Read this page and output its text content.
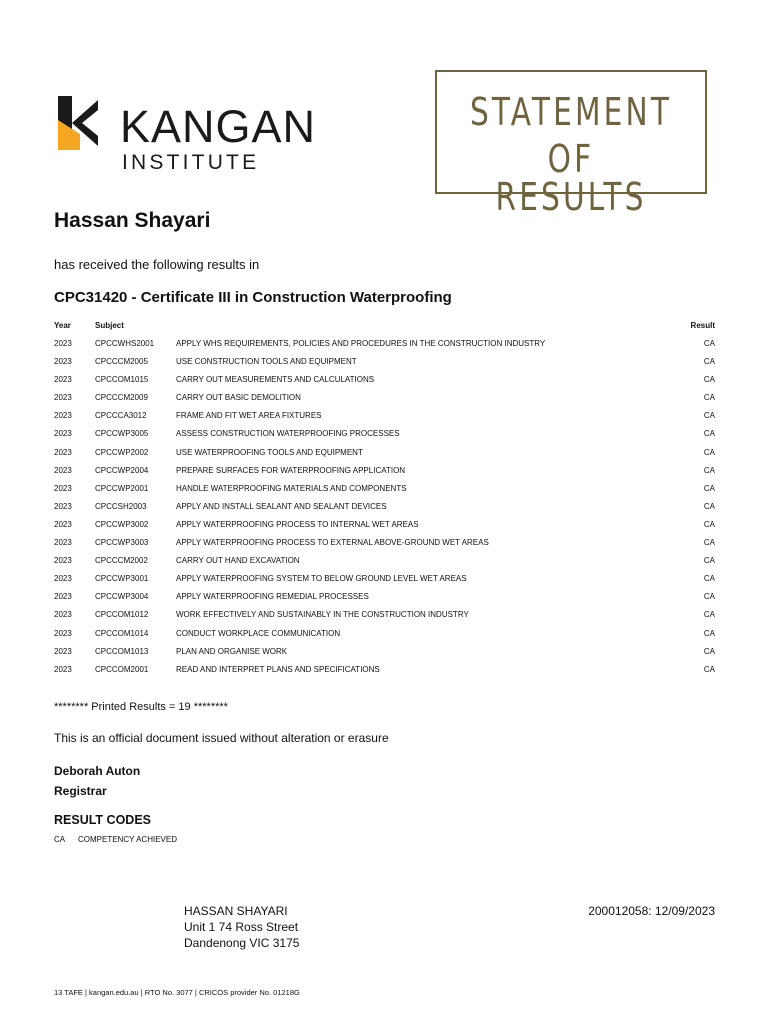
KANGAN
INSTITUTE
STATEMENT
OF RESULTS
Hassan Shayari
has received the following results in
CPC31420 - Certificate III in Construction Waterproofing
Year	Subject	Result
2023	CPCCWHS2001	APPLY WHS REQUIREMENTS, POLICIES AND PROCEDURES IN THE CONSTRUCTION INDUSTRY	CA
2023	CPCCCM2005	USE CONSTRUCTION TOOLS AND EQUIPMENT	CA
2023	CPCCOM1015	CARRY OUT MEASUREMENTS AND CALCULATIONS	CA
2023	CPCCCM2009	CARRY OUT BASIC DEMOLITION	CA
2023	CPCCCA3012	FRAME AND FIT WET AREA FIXTURES	CA
2023	CPCCWP3005	ASSESS CONSTRUCTION WATERPROOFING PROCESSES	CA
2023	CPCCWP2002	USE WATERPROOFING TOOLS AND EQUIPMENT	CA
2023	CPCCWP2004	PREPARE SURFACES FOR WATERPROOFING APPLICATION	CA
2023	CPCCWP2001	HANDLE WATERPROOFING MATERIALS AND COMPONENTS	CA
2023	CPCCSH2003	APPLY AND INSTALL SEALANT AND SEALANT DEVICES	CA
2023	CPCCWP3002	APPLY WATERPROOFING PROCESS TO INTERNAL WET AREAS	CA
2023	CPCCWP3003	APPLY WATERPROOFING PROCESS TO EXTERNAL ABOVE-GROUND WET AREAS	CA
2023	CPCCCM2002	CARRY OUT HAND EXCAVATION	CA
2023	CPCCWP3001	APPLY WATERPROOFING SYSTEM TO BELOW GROUND LEVEL WET AREAS	CA
2023	CPCCWP3004	APPLY WATERPROOFING REMEDIAL PROCESSES	CA
2023	CPCCOM1012	WORK EFFECTIVELY AND SUSTAINABLY IN THE CONSTRUCTION INDUSTRY	CA
2023	CPCCOM1014	CONDUCT WORKPLACE COMMUNICATION	CA
2023	CPCCOM1013	PLAN AND ORGANISE WORK	CA
2023	CPCCOM2001	READ AND INTERPRET PLANS AND SPECIFICATIONS	CA
******** Printed Results = 19 ********
This is an official document issued without alteration or erasure
Deborah Auton
Registrar
RESULT CODES
CA COMPETENCY ACHIEVED
HASSAN SHAYARI
Unit 1 74 Ross Street
Dandenong VIC 3175
200012058: 12/09/2023
13 TAFE | kangan.edu.au | RTO No. 3077 | CRICOS provider No. 01218G
